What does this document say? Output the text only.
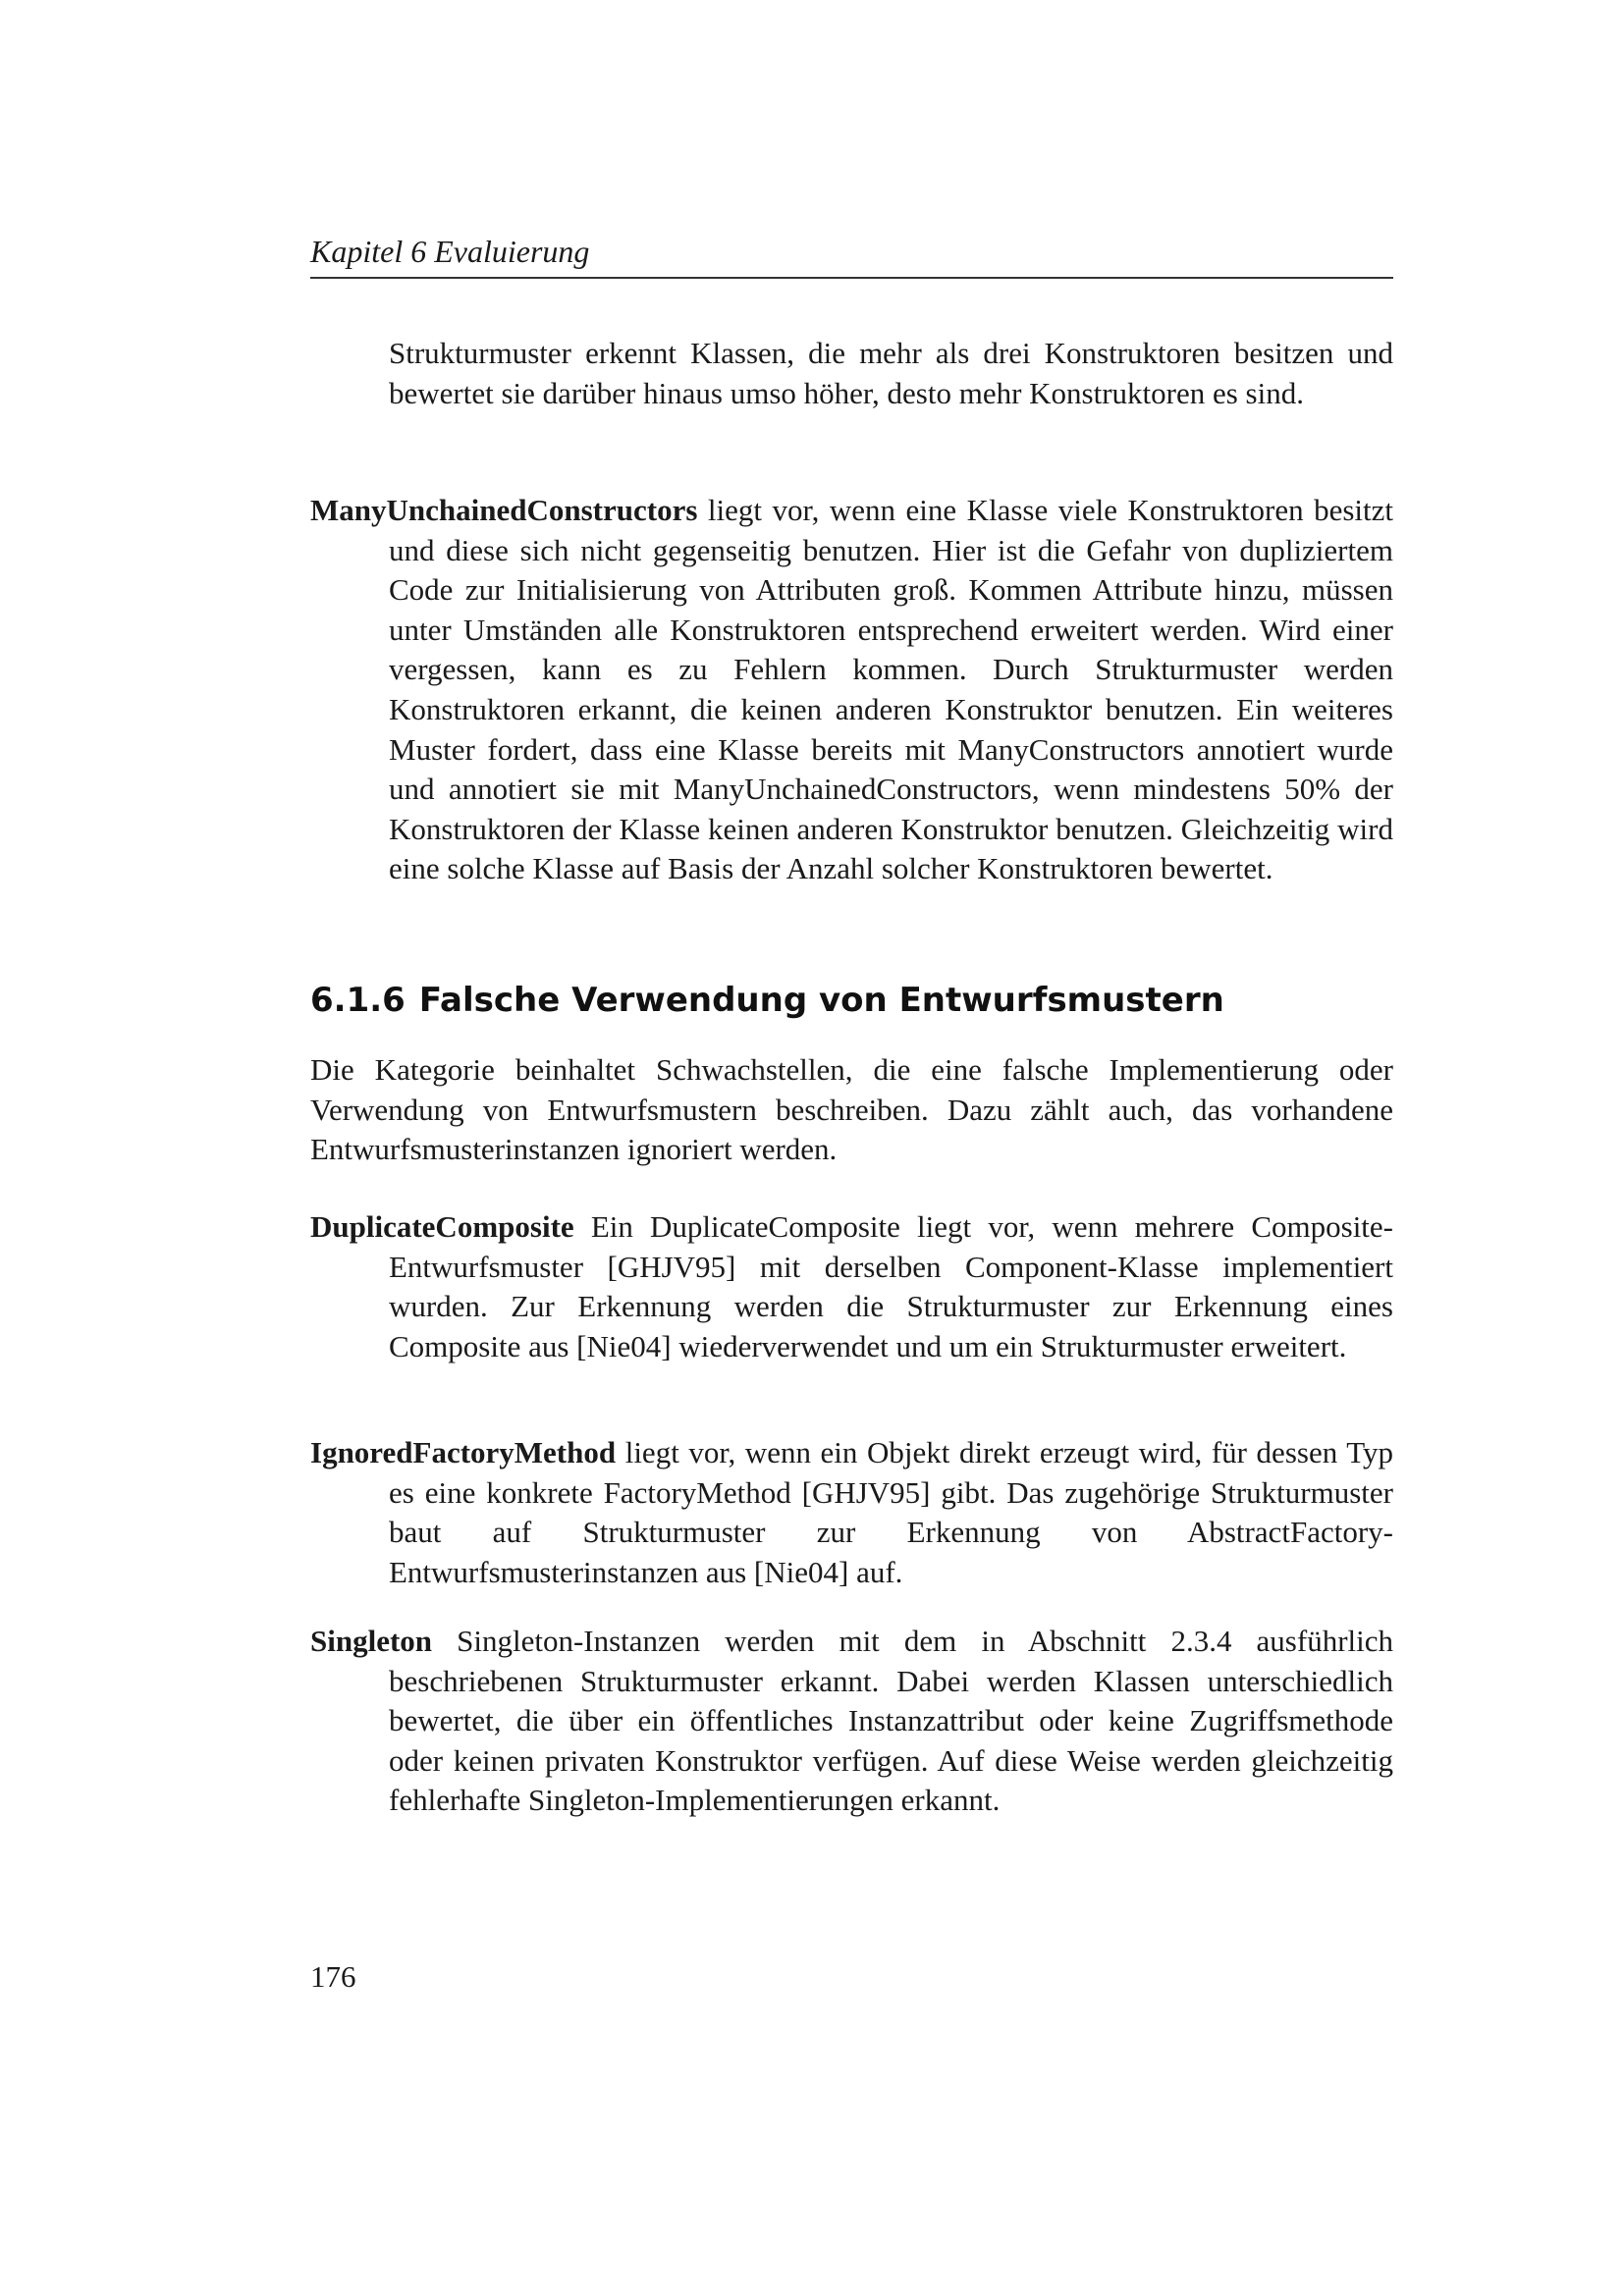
Kapitel 6 Evaluierung

Strukturmuster erkennt Klassen, die mehr als drei Konstruktoren besitzen und bewertet sie darüber hinaus umso höher, desto mehr Konstruktoren es sind.

ManyUnchainedConstructors liegt vor, wenn eine Klasse viele Konstruktoren besitzt und diese sich nicht gegenseitig benutzen. Hier ist die Gefahr von dupliziertem Code zur Initialisierung von Attributen groß. Kommen Attribute hinzu, müssen unter Umständen alle Konstruktoren entsprechend erweitert werden. Wird einer vergessen, kann es zu Fehlern kommen. Durch Strukturmuster werden Konstruktoren erkannt, die keinen anderen Konstruktor benutzen. Ein weiteres Muster fordert, dass eine Klasse bereits mit ManyConstructors annotiert wurde und annotiert sie mit ManyUnchainedConstructors, wenn mindestens 50% der Konstruktoren der Klasse keinen anderen Konstruktor benutzen. Gleichzeitig wird eine solche Klasse auf Basis der Anzahl solcher Konstruktoren bewertet.

6.1.6 Falsche Verwendung von Entwurfsmustern

Die Kategorie beinhaltet Schwachstellen, die eine falsche Implementierung oder Verwendung von Entwurfsmustern beschreiben. Dazu zählt auch, das vorhandene Entwurfsmusterinstanzen ignoriert werden.

DuplicateComposite Ein DuplicateComposite liegt vor, wenn mehrere Composite-Entwurfsmuster [GHJV95] mit derselben Component-Klasse implementiert wurden. Zur Erkennung werden die Strukturmuster zur Erkennung eines Composite aus [Nie04] wiederverwendet und um ein Strukturmuster erweitert.

IgnoredFactoryMethod liegt vor, wenn ein Objekt direkt erzeugt wird, für dessen Typ es eine konkrete FactoryMethod [GHJV95] gibt. Das zugehörige Strukturmuster baut auf Strukturmuster zur Erkennung von AbstractFactory-Entwurfsmusterinstanzen aus [Nie04] auf.

Singleton Singleton-Instanzen werden mit dem in Abschnitt 2.3.4 ausführlich beschriebenen Strukturmuster erkannt. Dabei werden Klassen unterschiedlich bewertet, die über ein öffentliches Instanzattribut oder keine Zugriffsmethode oder keinen privaten Konstruktor verfügen. Auf diese Weise werden gleichzeitig fehlerhafte Singleton-Implementierungen erkannt.

176
